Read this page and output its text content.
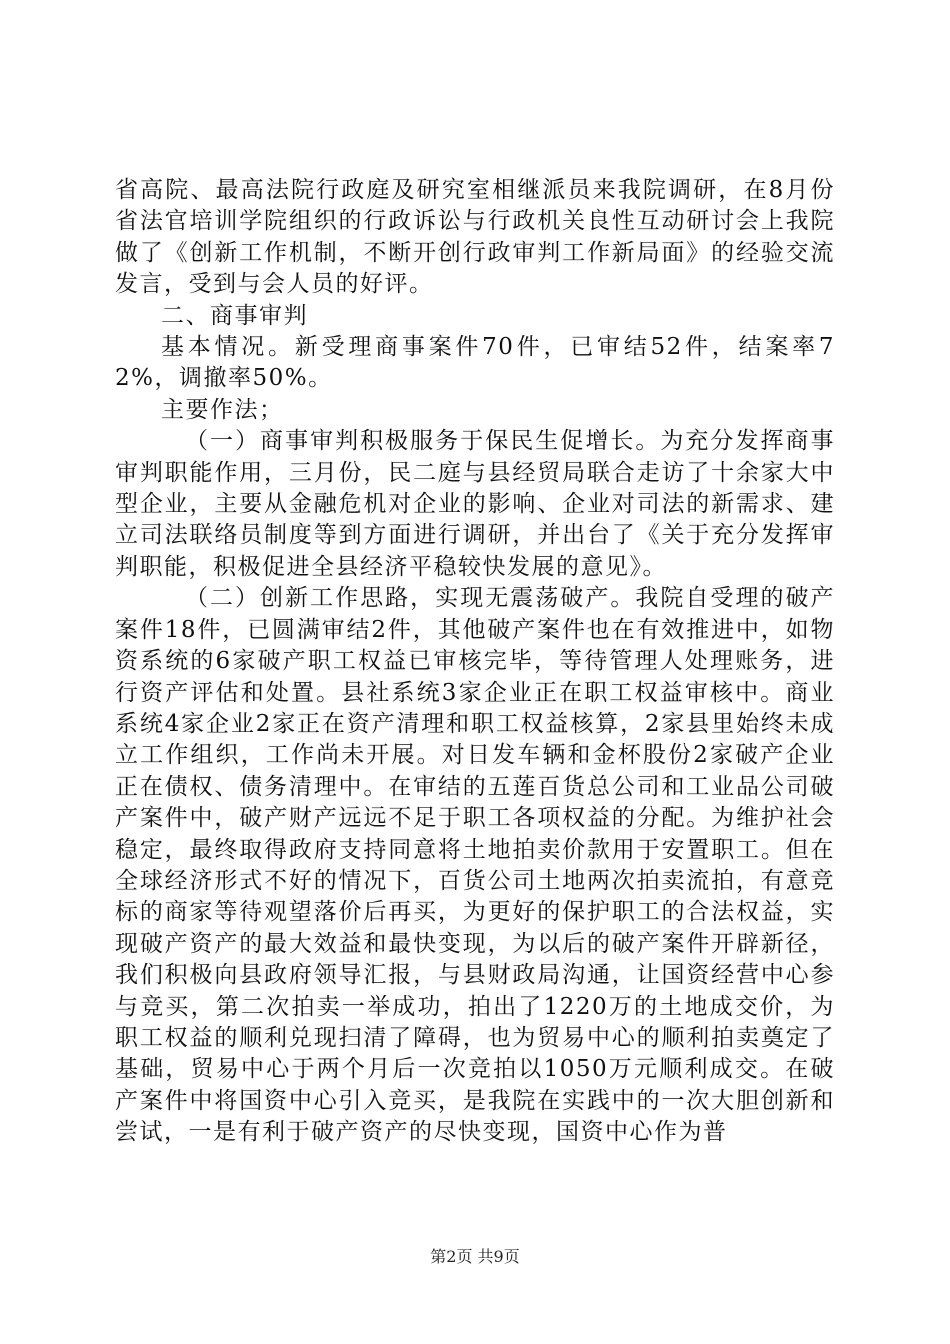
省高院、最高法院行政庭及研究室相继派员来我院调研，在8月份省法官培训学院组织的行政诉讼与行政机关良性互动研讨会上我院做了《创新工作机制，不断开创行政审判工作新局面》的经验交流发言，受到与会人员的好评。

二、商事审判

基本情况。新受理商事案件70件，已审结52件，结案率72%，调撤率50%。

主要作法；

（一）商事审判积极服务于保民生促增长。为充分发挥商事审判职能作用，三月份，民二庭与县经贸局联合走访了十余家大中型企业，主要从金融危机对企业的影响、企业对司法的新需求、建立司法联络员制度等到方面进行调研，并出台了《关于充分发挥审判职能，积极促进全县经济平稳较快发展的意见》。

（二）创新工作思路，实现无震荡破产。我院自受理的破产案件18件，已圆满审结2件，其他破产案件也在有效推进中，如物资系统的6家破产职工权益已审核完毕，等待管理人处理账务，进行资产评估和处置。县社系统3家企业正在职工权益审核中。商业系统4家企业2家正在资产清理和职工权益核算，2家县里始终未成立工作组织，工作尚未开展。对日发车辆和金杯股份2家破产企业正在债权、债务清理中。在审结的五莲百货总公司和工业品公司破产案件中，破产财产远远不足于职工各项权益的分配。为维护社会稳定，最终取得政府支持同意将土地拍卖价款用于安置职工。但在全球经济形式不好的情况下，百货公司土地两次拍卖流拍，有意竞标的商家等待观望落价后再买，为更好的保护职工的合法权益，实现破产资产的最大效益和最快变现，为以后的破产案件开辟新径，我们积极向县政府领导汇报，与县财政局沟通，让国资经营中心参与竞买，第二次拍卖一举成功，拍出了1220万的土地成交价，为职工权益的顺利兑现扫清了障碍，也为贸易中心的顺利拍卖奠定了基础，贸易中心于两个月后一次竞拍以1050万元顺利成交。在破产案件中将国资中心引入竞买，是我院在实践中的一次大胆创新和尝试，一是有利于破产资产的尽快变现，国资中心作为普

第2页 共9页
